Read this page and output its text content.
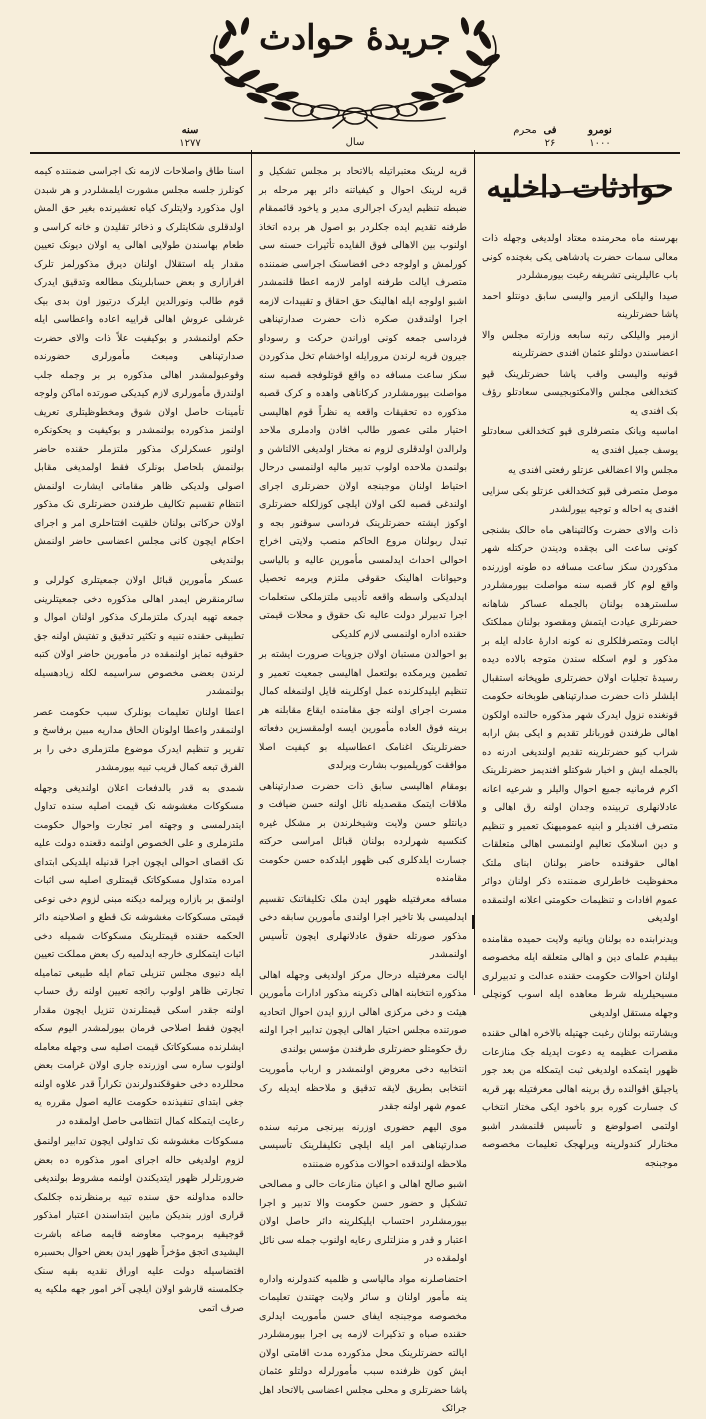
جریدهٔ حوادث
سنه
۱۲۷۷	سال
محرم فی
۲۶
نومرو
۱۰۰۰
حوادثات داخلیه

بهرسنه ماه محرمنده معتاد اولدیغی وجهله ذات معالی سمات حضرت پادشاهی یکی بغچنده کونی باب عالیلرینی تشریفه رغبت بیورمشلردر

صیدا والیلکی ازمیر والیسی سابق دونتلو احمد پاشا حضرتلرینه

ازمیر والیلکی رتبه سابعه وزارته مجلس والا اعضاسندن دولتلو عثمان افندی حضرتلرینه

قونیه والیسی واقب پاشا حضرتلرینک قپو کتخدالغی مجلس والامکتوبجیسی سعادتلو رؤف بک افندی یه

اماسیه ویانک متصرفلری قپو کتخدالغی سعادتلو یوسف جمیل افندی یه

مجلس والا اعضالغی عزتلو رفعتی افندی یه

موصل متصرفی قپو کتخدالغی عزتلو بکی سزایی افندی یه احاله و توجیه بیورلشدر

ذات والای حضرت وکالتپناهی ماه حالک بشنجی کونی ساعت الی بچقده ودیندن حرکتله شهر مذکوردن سکز ساعت مسافه ده طونه اوزرنده واقع لوم کار قصبه سنه مواصلت بیورمشلردر سلسترهده بولنان بالجمله عساکر شاهانه حضرتلری عیادت ایتمش ومقصود بولنان مملکتک ایالت ومتصرفلکلری نه کونه ادارهٔ عادله ایله بر مذکور و لوم اسکله سندن متوجه بالاده دیده رسیدهٔ تجلیات اولان حضرتلری طوپخانه استقبال ایلشلر ذات حضرت صدارتپناهی طوبخانه حکومت قونغنده نزول ایدرک شهر مذکوره حالنده اولکون اهالی طرفندن قوربانلر تقدیم و ایکی بش ارابه شراب کیو حضرتلرینه تقدیم اولندیغی ادرنه ده بالجمله ایش و اخبار شوکتلو افندیمز حضرتلرینک اکرم فرمانیه جمیع احوال والیلر و شرعیه اعانه عادلانهلری تربینده وجدان اولنه رق اهالی و متصرف افندیلر و ابنیه عمومیهنک تعمیر و تنظیم و دین اسلامک تعالیم اولنمسی اهالی متعلقات اهالی حقوقنده حاضر بولنان ابنای ملتک محفوظیت خاطرلری ضمننده ذکر اولنان دوائر عموم افادات و تنظیمات حکومتی اعلانه اولنمقده اولدیغی

ویدنرابنده ده بولنان ویانیه ولایت حمیده مقامنده بیقیدم علمای دین و اهالی متعلقه ایله مخصوصه اولنان احوالات حکومت حقنده عدالت و تدبیرلری مسیحیلریله شرط معاهده ایله اسوب کونچلی وجهله مستقل اولدیغی

ویشارتنه بولنان رغبت جهتیله بالاخره اهالی حقنده مقصرات عظیمه یه دعوت ایدیله جک منازعات ظهور ایتمکده اولدیغی ثبت ایتمکله من بعد جور یاجیلق اقوالنده رق برینه اهالی معرفتیله بهر قریه ک جسارت کوره برو باخود ایکی مختار انتخاب اولتمی اصولوضع و تأسیس قلنمشدر اشبو مختارلر کندولرینه ویرلهجک تعلیمات مخصوصه موجبنجه

قریه لرینک معتبراتیله بالاتحاد بر مجلس تشکیل و قریه لرینک احوال و کیفیاتنه دائر بهر مرحله بر ضبطه تنظیم ایدرک اجرالری مدیر و یاخود قائممقام طرفنه تقدیم ایده جکلردر بو اصول هر برده اتخاذ اولنوب بین الاهالی فوق الفایده تأثیرات حسنه سی کورلمش و اولوجه دخی افضاسنک اجراسی ضمننده متصرف ایالت طرفنه اوامر لازمه اعطا قلنمشدر اشبو اولوجه ایله اهالینک حق احقاق و تقییدات لازمه اجرا اولندقدن صکره ذات حضرت صدارتپناهی فرداسی جمعه کونی اوراندن حرکت و رسوداو جیرون قریه لرندن مرورایله اواخشام تخل مذکوردن سکز ساعت مسافه ده واقع قوتلوفجه قصبه سنه مواصلت بیورمشلردر کرکاناهی واهده و کرک قصبه مذکوره ده تحقیقات واقعه یه نظراً قوم اهالیسی احتیار ملتی عصور طالب افادن وادملری ملاحد ولرالدن اولدقلری لزوم نه مختار اولدیغی الالتاشن و بولنمدن ملاحده اولوب تدبیر مالیه اولنمسی درحال احتیاط اولنان موجبنجه اولان حضرتلری اجرای اولندغی قصبه لکی اولان ایلچی کوزلکله حضرتلری اوکوز ایشته حضرتلرینک فرداسی سوقنور بجه و تبدل ربولنان مروع الحاکم منصب ولایتی اخراج احوالی احداث ایدلمسی مأمورین عالیه و بالیاسی وحیوانات اهالینک حقوقی ملتزم ویرمه تحصیل ایدلدیکی واسطه واقعه تأدیبی ملتزملکی ستعلمات اجرا تدبیرلر دولت عالیه نک حقوق و محلات قیمتی حقنده اداره اولنمسی لازم کلدیکی

بو احوالدن مستبان اولان جزویات صرورت ایشته بر تطمین ویرمکده بولتعمل اهالیسی جمعیت تعمیر و تنظیم ایلیدکلرنده عمل اوکلرینه قایل اولنمغله کمال مسرت اجرای اولنه جق مقامنده ایقاع مقابلنه هر برینه فوق العاده مأمورین ایسه اولمقسزین دفعاته حضرتلرینک اغنامک اعطاسیله بو کیفیت اصلا موافقت کوریلمیوب بشارت ویرلدی

بومقام اهالیسی سابق ذات حضرت صدارتپناهی ملاقات ایتمک مقصدیله نائل اولنه حسن ضیافت و دیانتلو حسن ولایت وشیخلرندن بر مشکل غیره کنکسیه شهرلرده بولنان قبائل امراسی حرکته جسارت ایلدکلری کبی ظهور ایلدکده حسن حکومت مقامنده

مسافه معرفتیله ظهور ایدن ملک تکلیفاتنک تقسیم ایدلمیسی بلا تاخیر اجرا اولندی مأمورین سابقه دخی مذکور صورتله حقوق عادلانهلری ایچون تأسیس اولنمشدر

ایالت معرفتیله درحال مرکز اولدیغی وجهله اهالی مذکوره انتخابنه اهالی ذکرینه مذکور ادارات مأمورین هیئت و دخی مرکزی اهالی ارزو ایدن احوال اتحادیه صورتنده مجلس احتیار اهالی ایچون تدابیر اجرا اولنه رق حکومتلو حضرتلری طرفندن مؤسس بولندی

انتخابیه دخی معروض اولنمشدر و ارباب مأموریت انتخابی بطریق لایقه تدقیق و ملاحظه ایدیله رک عموم شهر اولنه جقدر

موی الیهم حضوری اوزرنه بیرنجی مرتبه سنده صدارتپناهی امر ایله ایلچی تکلیفلرینک تأسیسی ملاحظه اولندقده احوالات مذکوره ضمننده

اشبو صالح اهالی و اعیان منازعات حالی و مصالحی تشکیل و حضور حسن حکومت والا تدبیر و اجرا بیورمشلردر احتساب ایلیکلرینه دائر حاصل اولان اعتبار و قدر و منزلتلری رعایه اولنوب جمله سی نائل اولمقده در

احتضاصلرنه مواد مالیاسی و ظلمیه کندولرنه واداره ینه مأمور اولنان و سائر ولایت جهتندن تعلیمات مخصوصه موجبنجه ایفای حسن مأموریت ایدلری حقنده صباه و تذکیرات لازمه یی اجرا بیورمشلردر ایالته حضرتلرینک محل مذکورده مدت اقامتی اولان ایش کون ظرفنده سبب مأمورلرله دولتلو عثمان پاشا حضرتلری و محلی مجلس اعضاسی بالاتحاد اهل جرائک

اسنا طاق واصلاحات لازمه نک اجراسی ضمننده کیمه کونلرز جلسه مجلس مشورت ایلمشلردر و هر شبدن اول مذکورد ولایتلرک کیاه تعشیرنده بغیر حق المش اولدقلری شکایتلرک و ذخائر تقلیدن و خانه کراسی و طعام بهاسندن طولایی اهالی یه اولان دیونک تعیین مقدار یله استقلال اولنان دیرق مذکورلمز تلرک افرازاری و بعض حسابلرینک مطالعه وتدقیق ایدرک قوم طالب ونورالدین ایلرک درتیوز اون بدی بیک غرشلی عروش اهالی قراییه اعاده واعطاسی ایله حکم اولنمشدر و بوکیفیت علاً ذات والای حضرت صدارتپناهی ومبعث مأمورلری حضورنده وقوعبولمشدر اهالی مذکوره بر بر وجمله جلب اولندرق مأمورلری لازم کیدیکی صورتده اماکن ولوجه تأمینات حاصل اولان شوق ومخطوظیتلری تعریف اولنمز مذکورده بولنمشدر و بوکیفیت و یحکونکره اولنور عسکرلرک مذکور ملتزملر حقنده حاضر بولنمش بلحاصل بونلرک فقط اولمدیغی مقابل اصولی ولدیکی ظاهر مقاماتی ایشارت اولنمش انتظام تقسیم تکالیف طرفندن حضرتلری نک مذکور اولان حرکاتی بولنان خلقیت افتتاحلری امر و اجرای احکام ایچون کانی مجلس اعضاسی حاضر اولنمش بولندیغی

عسکر مأمورین قبائل اولان جمعیتلری کولرلی و سائرمنقرض ایمدر اهالی مذکوره دخی جمعیتلرینی جمعه تهیه ایدرک ملتزملرک مذکور اولنان اموال و تطبیقی حقنده تنبیه و تکثیر تدقیق و تفتیش اولنه جق حقوقیه تمایز اولنمقده در مأمورین حاضر اولان کتبه لرندن بعضی مخصوص سراسیمه لکله زیادهسیله بولنمشدر

اعطا اولنان تعلیمات بونلرک سبب حکومت عصر اولنمقدر واعطا اولونان الحاق مداریه مبین برفاسخ و تقریر و تنظیم ایدرک موضوع ملتزملری دخی را بر الفرق تبعه کمال قریب تبیه بیورمشدر

شمدی به قدر بالدفعات اعلان اولندیغی وجهله مسکوکات مغشوشه نک قیمت اصلیه سنده تداول ایتدرلمسی و وجهته امر تجارت واحوال حکومت ملتزملری و علی الخصوص اولنمه دقعنده دولت علیه نک اقصای احوالی ایچون اجرا قدنیله ایلدیکی ابتدای امرده متداول مسکوکاتک قیمتلری اصلیه سی اثبات اولنمق بر بازاره ویرلمه دیکنه مبنی لزوم دخی نوعی قیمتی مسکوکات مغشوشه نک قطع و اصلاحینه دائر الحکمه حقنده قیمتلرینک مسکوکات شمیله دخی اثبات ایتمکلری خارجه ایدلمیه رک بعض مملکت تعیین ایله دنیوی مجلس تنزیلی تمام ایله طبیعی تمامیله تجارتی ظاهر اولوب رائجه تعیین اولنه رق حساب اولنه جقدر اسکی قیمتلرندن تنزیل ایچون مقدار ایچون فقط اصلاحی فرمان بیورلمشدر الیوم سکه ایشلرنده مسکوکاتک قیمت اصلیه سی وجهله معامله اولنوب ساره سی اوزرنده جاری اولان غرامت بعض محللرده دخی حقوقکندولرندن تکراراً قدر علاوه اولنه جغی ابتدای تنفیذنده حکومت عالیه اصول مقرره یه رعایت ایتمکله کمال انتظامی حاصل اولمقده در

مسکوکات مغشوشه نک تداولی ایچون تدابیر اولنمق لزوم اولدیغی حاله اجرای امور مذکوره ده بعض ضرورتلرلر ظهور ایتدیکندن اولنمه مشروط بولندیغی حالده مداولنه حق سنده تبیه برمنظرنده جکلمک قراری اوزر بندیکن مابین ابتداسندن اعتبار امذکور قوجیقیه برموجب معاوضه قایمه صاغه باشرت الیشیدی اتجق مؤخراً ظهور ایدن بعض احوال بحسبره اقتضاسیله دولت علیه اوراق نقدیه بقیه سنک جکلمسنه قارشو اولان ایلچی آخر امور جهه ملکیه یه صرف اتمی
